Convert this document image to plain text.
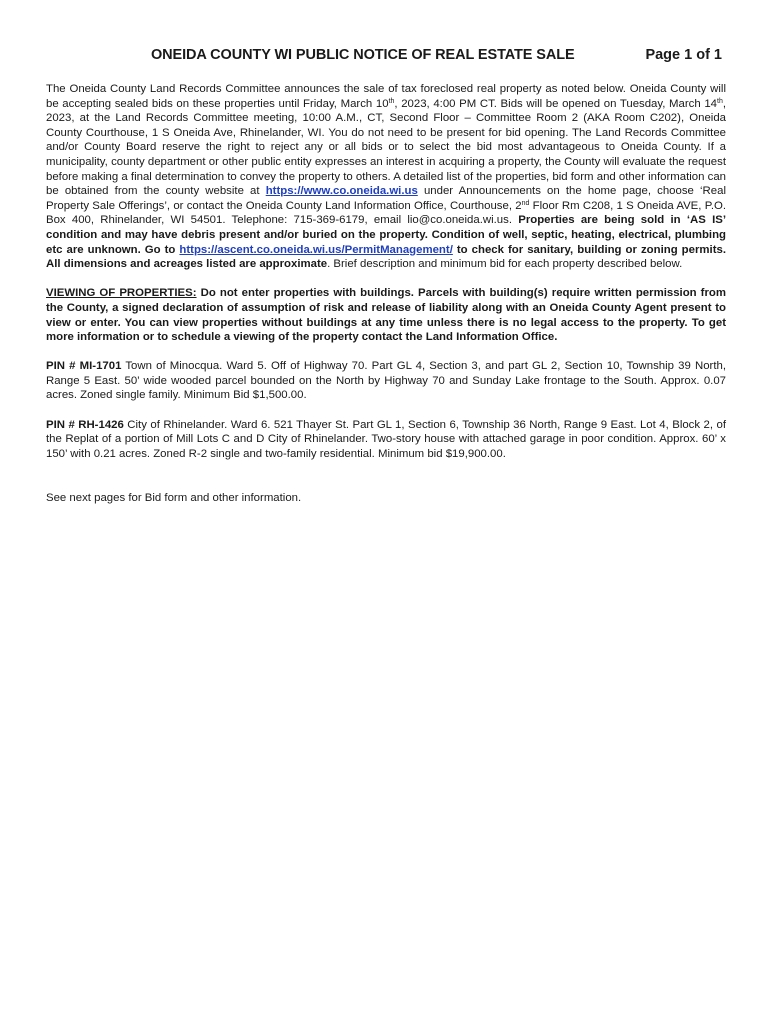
ONEIDA COUNTY WI PUBLIC NOTICE OF REAL ESTATE SALE	Page 1 of 1

The Oneida County Land Records Committee announces the sale of tax foreclosed real property as noted below. Oneida County will be accepting sealed bids on these properties until Friday, March 10th, 2023, 4:00 PM CT. Bids will be opened on Tuesday, March 14th, 2023, at the Land Records Committee meeting, 10:00 A.M., CT, Second Floor – Committee Room 2 (AKA Room C202), Oneida County Courthouse, 1 S Oneida Ave, Rhinelander, WI. You do not need to be present for bid opening. The Land Records Committee and/or County Board reserve the right to reject any or all bids or to select the bid most advantageous to Oneida County. If a municipality, county department or other public entity expresses an interest in acquiring a property, the County will evaluate the request before making a final determination to convey the property to others. A detailed list of the properties, bid form and other information can be obtained from the county website at https://www.co.oneida.wi.us under Announcements on the home page, choose ‘Real Property Sale Offerings’, or contact the Oneida County Land Information Office, Courthouse, 2nd Floor Rm C208, 1 S Oneida AVE, P.O. Box 400, Rhinelander, WI 54501. Telephone: 715-369-6179, email lio@co.oneida.wi.us. Properties are being sold in ‘AS IS’ condition and may have debris present and/or buried on the property. Condition of well, septic, heating, electrical, plumbing etc are unknown. Go to https://ascent.co.oneida.wi.us/PermitManagement/ to check for sanitary, building or zoning permits. All dimensions and acreages listed are approximate. Brief description and minimum bid for each property described below.

VIEWING OF PROPERTIES: Do not enter properties with buildings. Parcels with building(s) require written permission from the County, a signed declaration of assumption of risk and release of liability along with an Oneida County Agent present to view or enter. You can view properties without buildings at any time unless there is no legal access to the property. To get more information or to schedule a viewing of the property contact the Land Information Office.

PIN # MI-1701 Town of Minocqua. Ward 5. Off of Highway 70. Part GL 4, Section 3, and part GL 2, Section 10, Township 39 North, Range 5 East. 50’ wide wooded parcel bounded on the North by Highway 70 and Sunday Lake frontage to the South. Approx. 0.07 acres. Zoned single family. Minimum Bid $1,500.00.

PIN # RH-1426 City of Rhinelander. Ward 6. 521 Thayer St. Part GL 1, Section 6, Township 36 North, Range 9 East. Lot 4, Block 2, of the Replat of a portion of Mill Lots C and D City of Rhinelander. Two-story house with attached garage in poor condition. Approx. 60’ x 150’ with 0.21 acres. Zoned R-2 single and two-family residential. Minimum bid $19,900.00.

See next pages for Bid form and other information.
